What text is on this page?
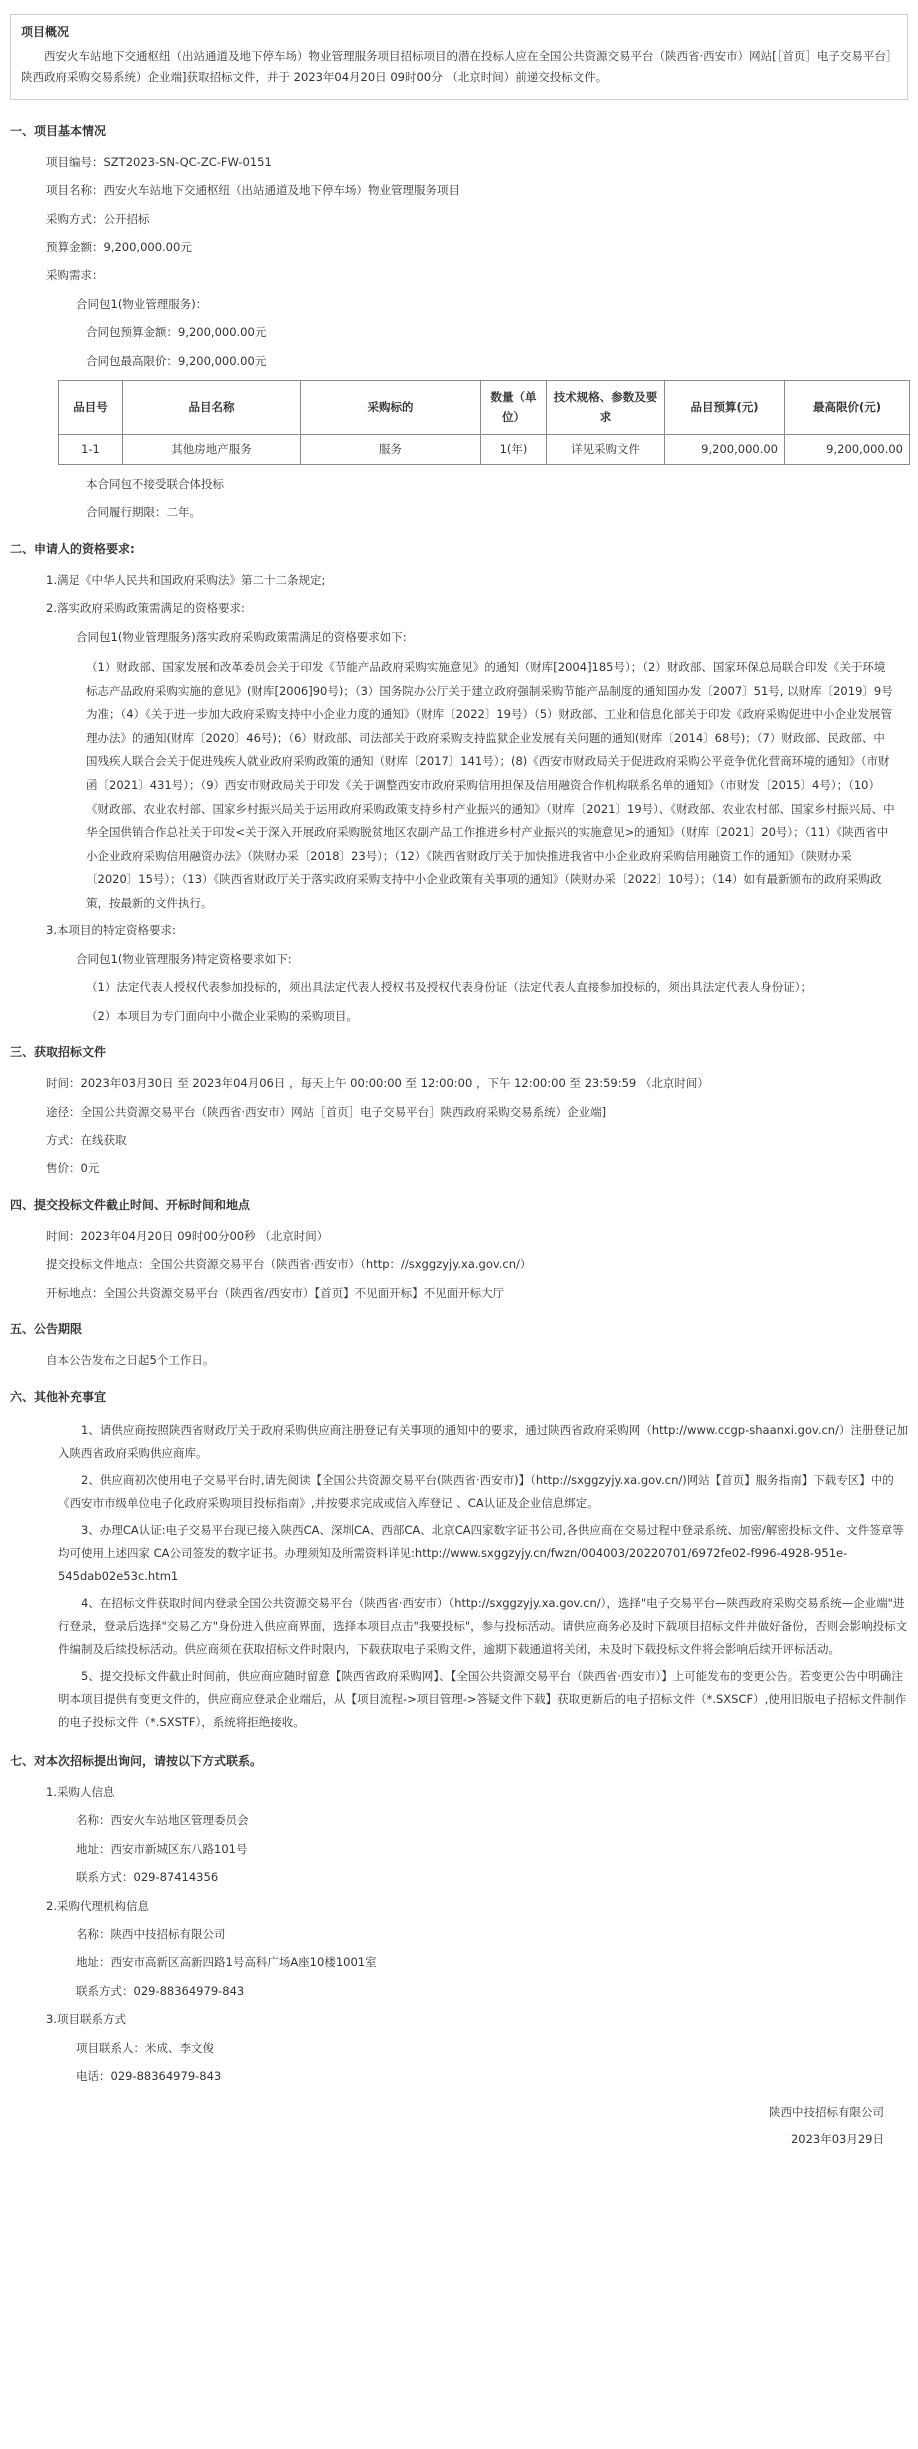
项目概况
西安火车站地下交通枢纽（出站通道及地下停车场）物业管理服务项目招标项目的潜在投标人应在全国公共资源交易平台（陕西省·西安市）网站[［首页］电子交易平台］陕西政府采购交易系统）企业端]获取招标文件，并于 2023年04月20日 09时00分 （北京时间）前递交投标文件。
一、项目基本情况
项目编号：SZT2023-SN-QC-ZC-FW-0151
项目名称：西安火车站地下交通枢纽（出站通道及地下停车场）物业管理服务项目
采购方式：公开招标
预算金额：9,200,000.00元
采购需求：
合同包1(物业管理服务)：
合同包预算金额：9,200,000.00元
合同包最高限价：9,200,000.00元
品目号	品目名称	采购标的	数量（单位）	技术规格、参数及要求	品目预算(元)	最高限价(元)
1-1	其他房地产服务	服务	1(年)	详见采购文件	9,200,000.00	9,200,000.00
本合同包不接受联合体投标
合同履行期限：二年。
二、申请人的资格要求:
1.满足《中华人民共和国政府采购法》第二十二条规定;
2.落实政府采购政策需满足的资格要求:
合同包1(物业管理服务)落实政府采购政策需满足的资格要求如下:
（1）财政部、国家发展和改革委员会关于印发《节能产品政府采购实施意见》的通知（财库[2004]185号）；（2）财政部、国家环保总局联合印发《关于环境标志产品政府采购实施的意见》(财库[2006]90号)；（3）国务院办公厅关于建立政府强制采购节能产品制度的通知国办发〔2007〕51号, 以财库〔2019〕9号为准；（4）《关于进一步加大政府采购支持中小企业力度的通知》（财库〔2022〕19号）（5）财政部、工业和信息化部关于印发《政府采购促进中小企业发展管理办法》的通知(财库〔2020〕46号)；（6）财政部、司法部关于政府采购支持监狱企业发展有关问题的通知(财库〔2014〕68号)；（7）财政部、民政部、中国残疾人联合会关于促进残疾人就业政府采购政策的通知（财库〔2017〕141号）；(8)《西安市财政局关于促进政府采购公平竞争优化营商环境的通知》（市财函〔2021〕431号）；（9）西安市财政局关于印发《关于调整西安市政府采购信用担保及信用融资合作机构联系名单的通知》（市财发〔2015〕4号）；（10）《财政部、农业农村部、国家乡村振兴局关于运用政府采购政策支持乡村产业振兴的通知》（财库〔2021〕19号）、《财政部、农业农村部、国家乡村振兴局、中华全国供销合作总社关于印发<关于深入开展政府采购脱贫地区农副产品工作推进乡村产业振兴的实施意见>的通知》（财库〔2021〕20号）；（11）《陕西省中小企业政府采购信用融资办法》（陕财办采〔2018〕23号）；（12）《陕西省财政厅关于加快推进我省中小企业政府采购信用融资工作的通知》（陕财办采〔2020〕15号）；（13）《陕西省财政厅关于落实政府采购支持中小企业政策有关事项的通知》（陕财办采〔2022〕10号）；（14）如有最新颁布的政府采购政策，按最新的文件执行。
3.本项目的特定资格要求:
合同包1(物业管理服务)特定资格要求如下:
（1）法定代表人授权代表参加投标的，须出具法定代表人授权书及授权代表身份证（法定代表人直接参加投标的，须出具法定代表人身份证）；
（2）本项目为专门面向中小微企业采购的采购项目。
三、获取招标文件
时间：2023年03月30日 至 2023年04月06日 ，每天上午 00:00:00 至 12:00:00 ，下午 12:00:00 至 23:59:59 （北京时间）
途径：全国公共资源交易平台（陕西省·西安市）网站［首页］电子交易平台］陕西政府采购交易系统）企业端]
方式：在线获取
售价：0元
四、提交投标文件截止时间、开标时间和地点
时间：2023年04月20日 09时00分00秒 （北京时间）
提交投标文件地点：全国公共资源交易平台（陕西省·西安市）（http：//sxggzyjy.xa.gov.cn/）
开标地点：全国公共资源交易平台（陕西省/西安市）【首页】不见面开标】不见面开标大厅
五、公告期限
自本公告发布之日起5个工作日。
六、其他补充事宜
1、请供应商按照陕西省财政厅关于政府采购供应商注册登记有关事项的通知中的要求，通过陕西省政府采购网（http://www.ccgp-shaanxi.gov.cn/）注册登记加入陕西省政府采购供应商库。
2、供应商初次使用电子交易平台时,请先阅读【全国公共资源交易平台(陕西省·西安市)】（http://sxggzyjy.xa.gov.cn/)网站【首页】服务指南】下载专区】中的《西安市市级单位电子化政府采购项目投标指南》,并按要求完成或信入库登记 、CA认证及企业信息绑定。
3、办理CA认证:电子交易平台现已接入陕西CA、深圳CA、西部CA、北京CA四家数字证书公司,各供应商在交易过程中登录系统、加密/解密投标文件、文件签章等均可使用上述四家 CA公司签发的数字证书。办理须知及所需资料详见:http://www.sxggzyjy.cn/fwzn/004003/20220701/6972fe02-f996-4928-951e-545dab02e53c.htm1
4、在招标文件获取时间内登录全国公共资源交易平台（陕西省·西安市）（http://sxggzyjy.xa.gov.cn/），选择"电子交易平台—陕西政府采购交易系统—企业端"进行登录，登录后选择"交易乙方"身份进入供应商界面，选择本项目点击"我要投标"，参与投标活动。请供应商务必及时下载项目招标文件并做好备份，否则会影响投标文件编制及后续投标活动。供应商须在获取招标文件时限内，下载获取电子采购文件，逾期下载通道将关闭，未及时下载投标文件将会影响后续开评标活动。
5、提交投标文件截止时间前，供应商应随时留意【陕西省政府采购网】、【全国公共资源交易平台（陕西省·西安市）】上可能发布的变更公告。若变更公告中明确注明本项目提供有变更文件的，供应商应登录企业端后，从【项目流程->项目管理->答疑文件下载】获取更新后的电子招标文件（*.SXSCF）,使用旧版电子招标文件制作的电子投标文件（*.SXSTF），系统将拒绝接收。
七、对本次招标提出询问，请按以下方式联系。
1.采购人信息
名称：西安火车站地区管理委员会
地址：西安市新城区东八路101号
联系方式：029-87414356
2.采购代理机构信息
名称：陕西中技招标有限公司
地址：西安市高新区高新四路1号高科广场A座10楼1001室
联系方式：029-88364979-843
3.项目联系方式
项目联系人：米成、李文俊
电话：029-88364979-843
陕西中技招标有限公司
2023年03月29日
